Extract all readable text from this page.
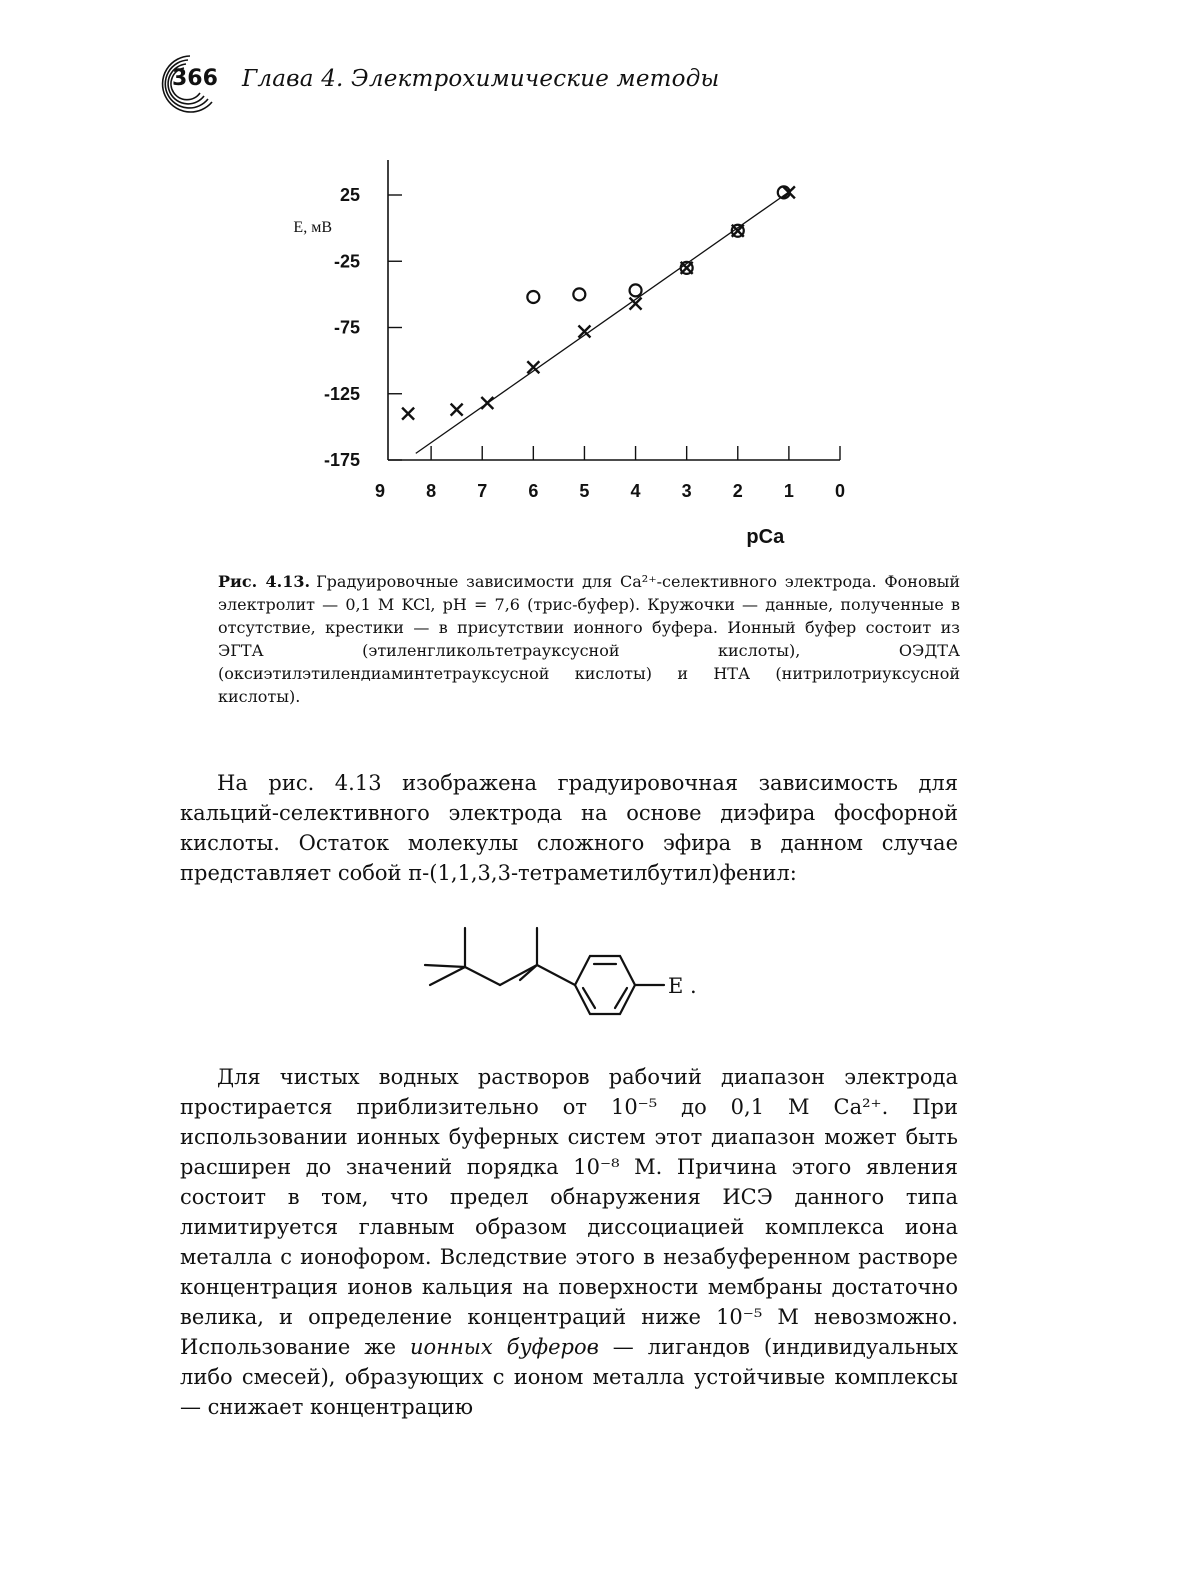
366 Глава 4. Электрохимические методы
25
-25
-75
-125
-175
9 8 7 6 5 4 3 2 1 0
pCa
E, мВ
Рис. 4.13. Градуировочные зависимости для Ca²⁺-селективного электрода. Фоновый электролит — 0,1 M KCl, pH = 7,6 (трис-буфер). Кружочки — данные, полученные в отсутствие, крестики — в присутствии ионного буфера. Ионный буфер состоит из ЭГТА (этиленгликольтетрауксусной кислоты), ОЭДТА (оксиэтилэтилендиаминтетрауксусной кислоты) и НТА (нитрилотриуксусной кислоты).
На рис. 4.13 изображена градуировочная зависимость для кальций-селективного электрода на основе диэфира фосфорной кислоты. Остаток молекулы сложного эфира в данном случае представляет собой п-(1,1,3,3-тетраметилбутил)фенил:
E .
Для чистых водных растворов рабочий диапазон электрода простирается приблизительно от 10⁻⁵ до 0,1 M Ca²⁺. При использовании ионных буферных систем этот диапазон может быть расширен до значений порядка 10⁻⁸ M. Причина этого явления состоит в том, что предел обнаружения ИСЭ данного типа лимитируется главным образом диссоциацией комплекса иона металла с ионофором. Вследствие этого в незабуференном растворе концентрация ионов кальция на поверхности мембраны достаточно велика, и определение концентраций ниже 10⁻⁵ M невозможно. Использование же ионных буферов — лигандов (индивидуальных либо смесей), образующих с ионом металла устойчивые комплексы — снижает концентрацию
